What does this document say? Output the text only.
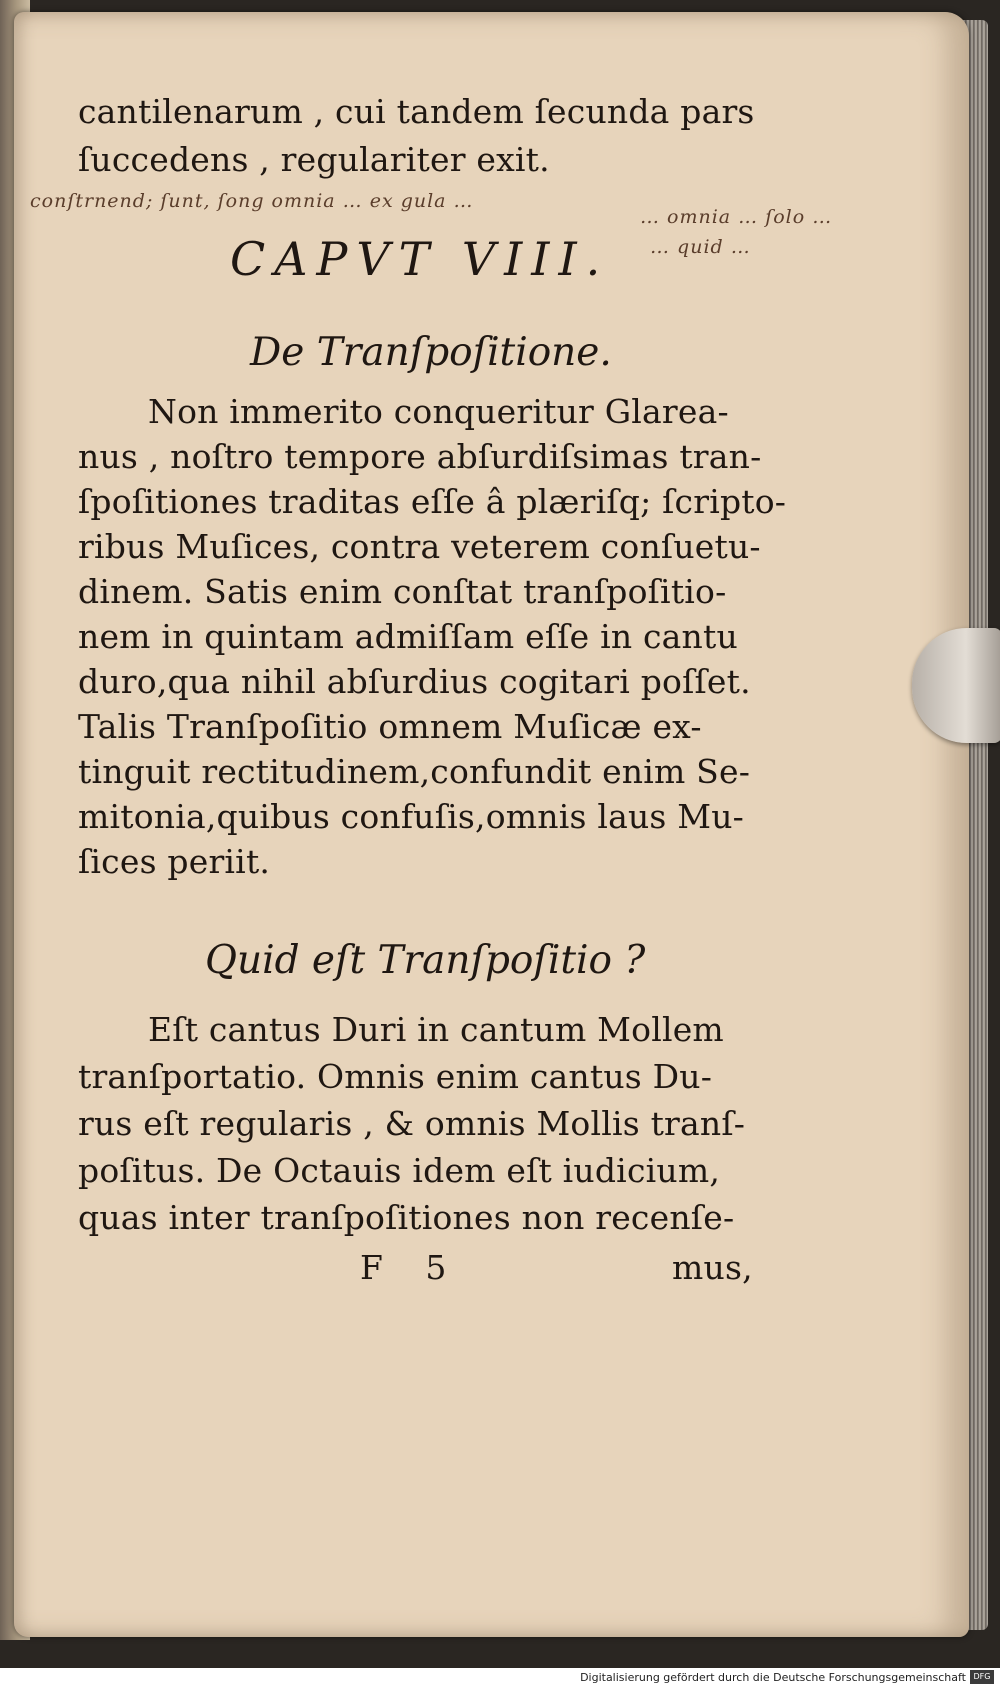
cantilenarum , cui tandem ſecunda pars
ſuccedens , regulariter exit.
conſtrnend; ſunt, ſong omnia … ex gula …
… omnia … ſolo …
… quid …
CAPVT VIII.
De Tranſpoſitione.
Non immerito conqueritur Glarea-
nus , noſtro tempore abſurdiſsimas tran-
ſpoſitiones traditas eſſe â plæriſq; ſcripto-
ribus Muſices, contra veterem conſuetu-
dinem. Satis enim conſtat tranſpoſitio-
nem in quintam admiſſam eſſe in cantu
duro,qua nihil abſurdius cogitari poſſet.
Talis Tranſpoſitio omnem Muſicæ ex-
tinguit rectitudinem,confundit enim Se-
mitonia,quibus confuſis,omnis laus Mu-
ſices periit.
Quid eſt Tranſpoſitio ?
Eſt cantus Duri in cantum Mollem
tranſportatio. Omnis enim cantus Du-
rus eſt regularis , & omnis Mollis tranſ-
poſitus. De Octauis idem eſt iudicium,
quas inter tranſpoſitiones non recenſe-
F 5	mus,
Digitalisierung gefördert durch die Deutsche Forschungsgemeinschaft DFG
